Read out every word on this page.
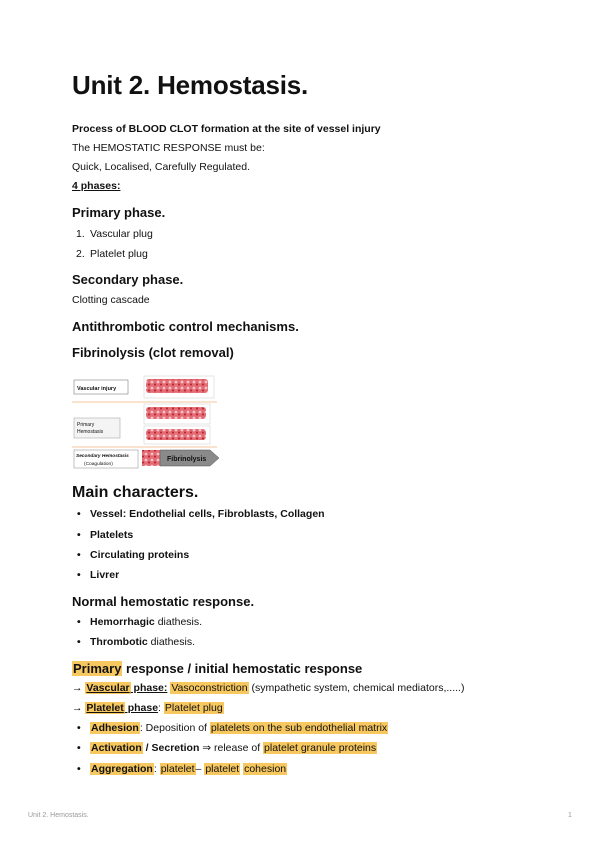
Unit 2. Hemostasis.
Process of BLOOD CLOT formation at the site of vessel injury
The HEMOSTATIC RESPONSE must be:
Quick, Localised, Carefully Regulated.
4 phases:
Primary phase.
1. Vascular plug
2. Platelet plug
Secondary phase.
Clotting cascade
Antithrombotic control mechanisms.
Fibrinolysis (clot removal)
Vascular injury
Primary
Hemostasis
Secondary Hemostasis
(Coagulation)
Fibrinolysis
Main characters.
• Vessel: Endothelial cells, Fibroblasts, Collagen
• Platelets
• Circulating proteins
• Livrer
Normal hemostatic response.
• Hemorrhagic diathesis.
• Thrombotic diathesis.
Primary response / initial hemostatic response
→ Vascular phase: Vasoconstriction (sympathetic system, chemical mediators,.....)
→ Platelet phase: Platelet plug
• Adhesion: Deposition of platelets on the sub endothelial matrix
• Activation / Secretion ⇒ release of platelet granule proteins
• Aggregation: platelet– platelet cohesion
Unit 2. Hemostasis.	1
